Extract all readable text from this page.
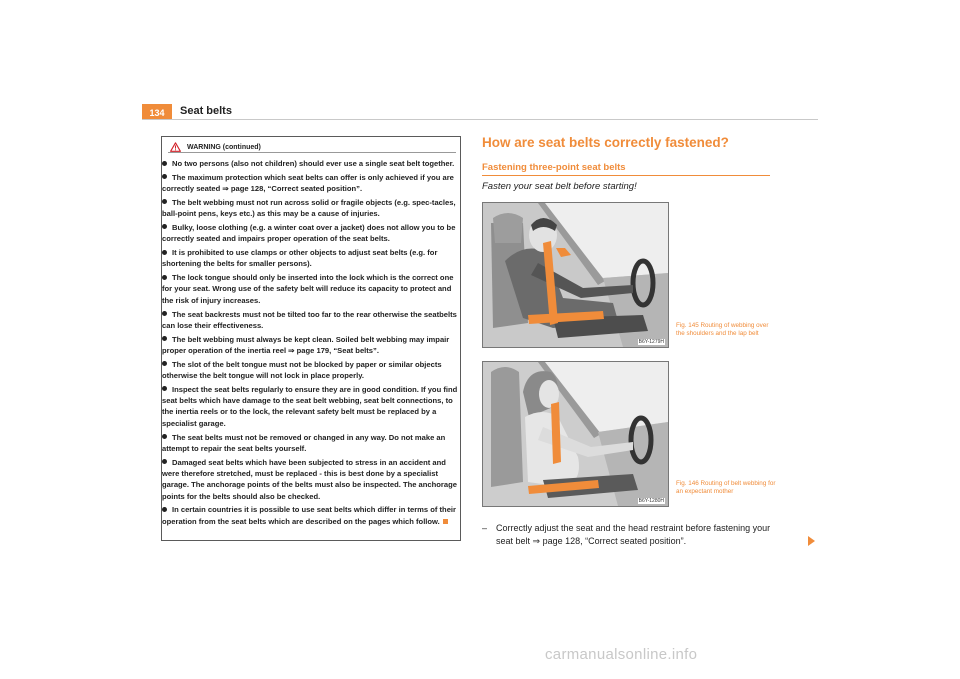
134	Seat belts
WARNING (continued)
No two persons (also not children) should ever use a single seat belt together.
The maximum protection which seat belts can offer is only achieved if you are correctly seated ⇒ page 128, “Correct seated position”.
The belt webbing must not run across solid or fragile objects (e.g. spec-tacles, ball-point pens, keys etc.) as this may be a cause of injuries.
Bulky, loose clothing (e.g. a winter coat over a jacket) does not allow you to be correctly seated and impairs proper operation of the seat belts.
It is prohibited to use clamps or other objects to adjust seat belts (e.g. for shortening the belts for smaller persons).
The lock tongue should only be inserted into the lock which is the correct one for your seat. Wrong use of the safety belt will reduce its capacity to protect and the risk of injury increases.
The seat backrests must not be tilted too far to the rear otherwise the seatbelts can lose their effectiveness.
The belt webbing must always be kept clean. Soiled belt webbing may impair proper operation of the inertia reel ⇒ page 179, “Seat belts”.
The slot of the belt tongue must not be blocked by paper or similar objects otherwise the belt tongue will not lock in place properly.
Inspect the seat belts regularly to ensure they are in good condition. If you find seat belts which have damage to the seat belt webbing, seat belt connections, to the inertia reels or to the lock, the relevant safety belt must be replaced by a specialist garage.
The seat belts must not be removed or changed in any way. Do not make an attempt to repair the seat belts yourself.
Damaged seat belts which have been subjected to stress in an accident and were therefore stretched, must be replaced - this is best done by a specialist garage. The anchorage points of the belts must also be inspected. The anchorage points for the belts should also be checked.
In certain countries it is possible to use seat belts which differ in terms of their operation from the seat belts which are described on the pages which follow.
How are seat belts correctly fastened?
Fastening three-point seat belts
Fasten your seat belt before starting!
B6Y-1279H
Fig. 145 Routing of webbing over the shoulders and the lap belt
B6Y-1280H
Fig. 146 Routing of belt webbing for an expectant mother
– Correctly adjust the seat and the head restraint before fastening your
seat belt ⇒ page 128, “Correct seated position”.
carmanualsonline.info
